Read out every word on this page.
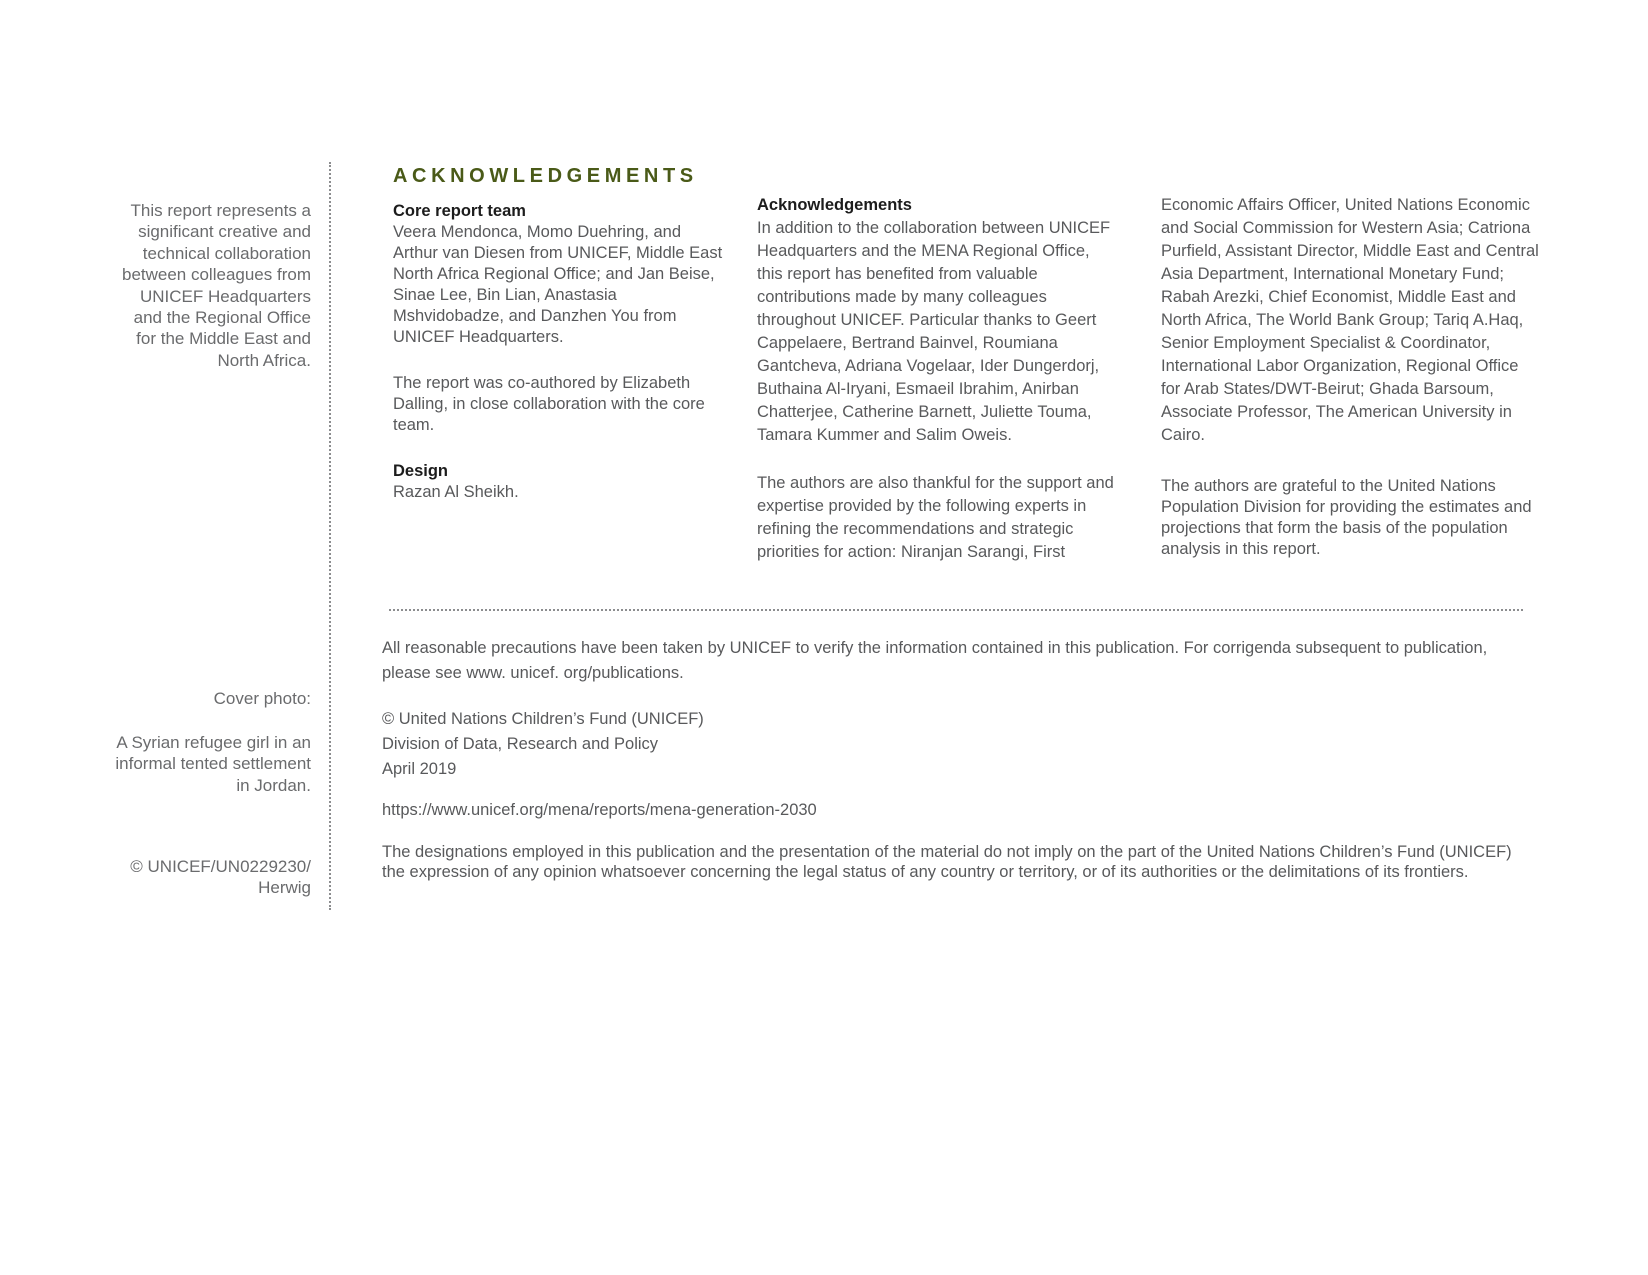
This report represents a significant creative and technical collaboration between colleagues from UNICEF Headquarters and the Regional Office for the Middle East and North Africa.
Cover photo:
A Syrian refugee girl in an informal tented settlement in Jordan.
© UNICEF/UN0229230/
Herwig
ACKNOWLEDGEMENTS
Core report team

Veera Mendonca, Momo Duehring, and Arthur van Diesen from UNICEF, Middle East North Africa Regional Office; and Jan Beise, Sinae Lee, Bin Lian, Anastasia Mshvidobadze, and Danzhen You from UNICEF Headquarters.

The report was co-authored by Elizabeth Dalling, in close collaboration with the core team.

Design

Razan Al Sheikh.

Acknowledgements

In addition to the collaboration between UNICEF Headquarters and the MENA Regional Office, this report has benefited from valuable contributions made by many colleagues throughout UNICEF. Particular thanks to Geert Cappelaere, Bertrand Bainvel, Roumiana Gantcheva, Adriana Vogelaar, Ider Dungerdorj, Buthaina Al-Iryani, Esmaeil Ibrahim, Anirban Chatterjee, Catherine Barnett, Juliette Touma, Tamara Kummer and Salim Oweis.

The authors are also thankful for the support and expertise provided by the following experts in refining the recommendations and strategic priorities for action: Niranjan Sarangi, First

Economic Affairs Officer, United Nations Economic and Social Commission for Western Asia; Catriona Purfield, Assistant Director, Middle East and Central Asia Department, International Monetary Fund; Rabah Arezki, Chief Economist, Middle East and North Africa, The World Bank Group; Tariq A.Haq, Senior Employment Specialist & Coordinator, International Labor Organization, Regional Office for Arab States/DWT-Beirut; Ghada Barsoum, Associate Professor, The American University in Cairo.

The authors are grateful to the United Nations Population Division for providing the estimates and projections that form the basis of the population analysis in this report.

All reasonable precautions have been taken by UNICEF to verify the information contained in this publication. For corrigenda subsequent to publication, please see www. unicef. org/publications.
© United Nations Children’s Fund (UNICEF)
Division of Data, Research and Policy
April 2019
https://www.unicef.org/mena/reports/mena-generation-2030
The designations employed in this publication and the presentation of the material do not imply on the part of the United Nations Children’s Fund (UNICEF) the expression of any opinion whatsoever concerning the legal status of any country or territory, or of its authorities or the delimitations of its frontiers.
